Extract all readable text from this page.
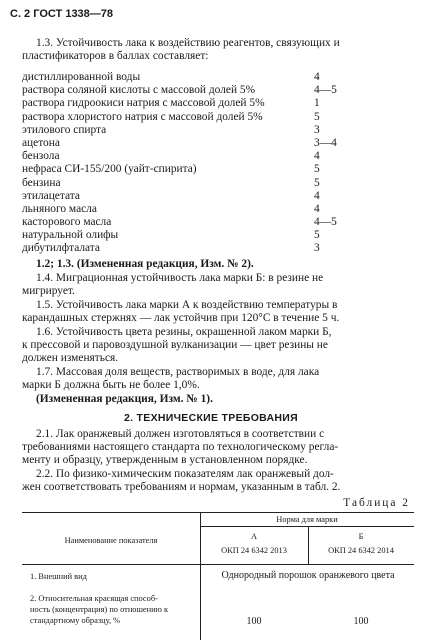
С. 2 ГОСТ 1338—78
1.3. Устойчивость лака к воздействию реагентов, связующих и
пластификаторов в баллах составляет:
дистиллированной воды	4
раствора соляной кислоты с массовой долей 5%	4—5
раствора гидроокиси натрия с массовой долей 5%	1
раствора хлористого натрия с массовой долей 5%	5
этилового спирта	3
ацетона	3—4
бензола	4
нефраса СИ-155/200 (уайт-спирита)	5
бензина	5
этилацетата	4
льняного масла	4
касторового масла	4—5
натуральной олифы	5
дибутилфталата	3
1.2; 1.3. (Измененная редакция, Изм. № 2).
1.4. Миграционная устойчивость лака марки Б: в резине не
мигрирует.
1.5. Устойчивость лака марки А к воздействию температуры в
карандашных стержнях — лак устойчив при 120°С в течение 5 ч.
1.6. Устойчивость цвета резины, окрашенной лаком марки Б,
к прессовой и паровоздушной вулканизации — цвет резины не
должен изменяться.
1.7. Массовая доля веществ, растворимых в воде, для лака
марки Б должна быть не более 1,0%.
(Измененная редакция, Изм. № 1).
2. ТЕХНИЧЕСКИЕ ТРЕБОВАНИЯ
2.1. Лак оранжевый должен изготовляться в соответствии с
требованиями настоящего стандарта по технологическому регла-
менту и образцу, утвержденным в установленном порядке.
2.2. По физико-химическим показателям лак оранжевый дол-
жен соответствовать требованиям и нормам, указанным в табл. 2.
Таблица 2
Наименование показателя
Норма для марки
А
ОКП 24 6342 2013
Б
ОКП 24 6342 2014
1. Внешний вид	Однородный порошок оранжевого цвета
2. Относительная красящая способ-
ность (концентрация) по отношению к
стандартному образцу, %	100	100
